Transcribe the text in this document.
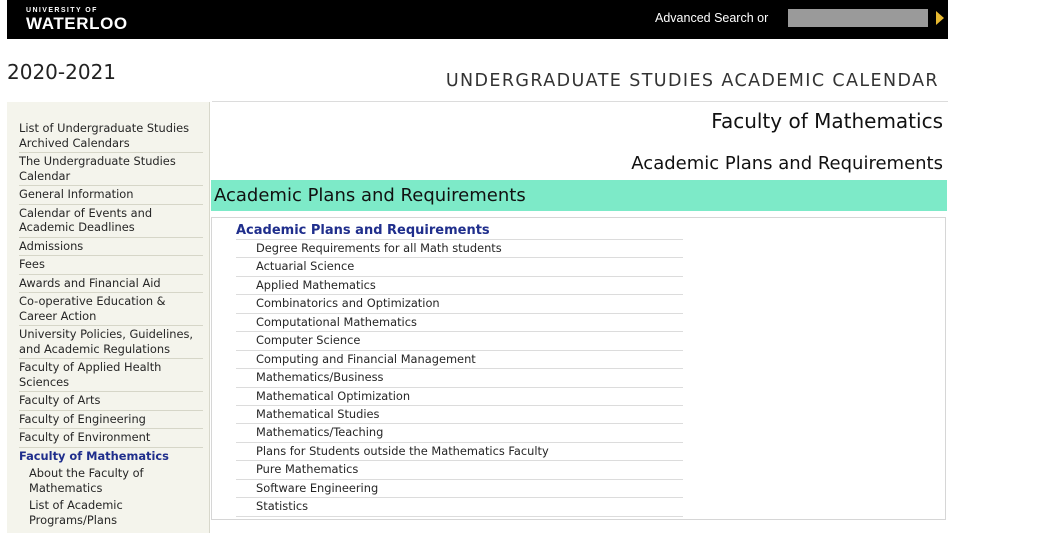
UNIVERSITY OF
WATERLOO	Advanced Search or
2020-2021	UNDERGRADUATE STUDIES ACADEMIC CALENDAR
List of Undergraduate Studies Archived Calendars
The Undergraduate Studies Calendar
General Information
Calendar of Events and Academic Deadlines
Admissions
Fees
Awards and Financial Aid
Co-operative Education & Career Action
University Policies, Guidelines, and Academic Regulations
Faculty of Applied Health Sciences
Faculty of Arts
Faculty of Engineering
Faculty of Environment
Faculty of Mathematics
About the Faculty of Mathematics
List of Academic Programs/Plans
Faculty of Mathematics
Academic Plans and Requirements
Academic Plans and Requirements
Academic Plans and Requirements
Degree Requirements for all Math students
Actuarial Science
Applied Mathematics
Combinatorics and Optimization
Computational Mathematics
Computer Science
Computing and Financial Management
Mathematics/Business
Mathematical Optimization
Mathematical Studies
Mathematics/Teaching
Plans for Students outside the Mathematics Faculty
Pure Mathematics
Software Engineering
Statistics
